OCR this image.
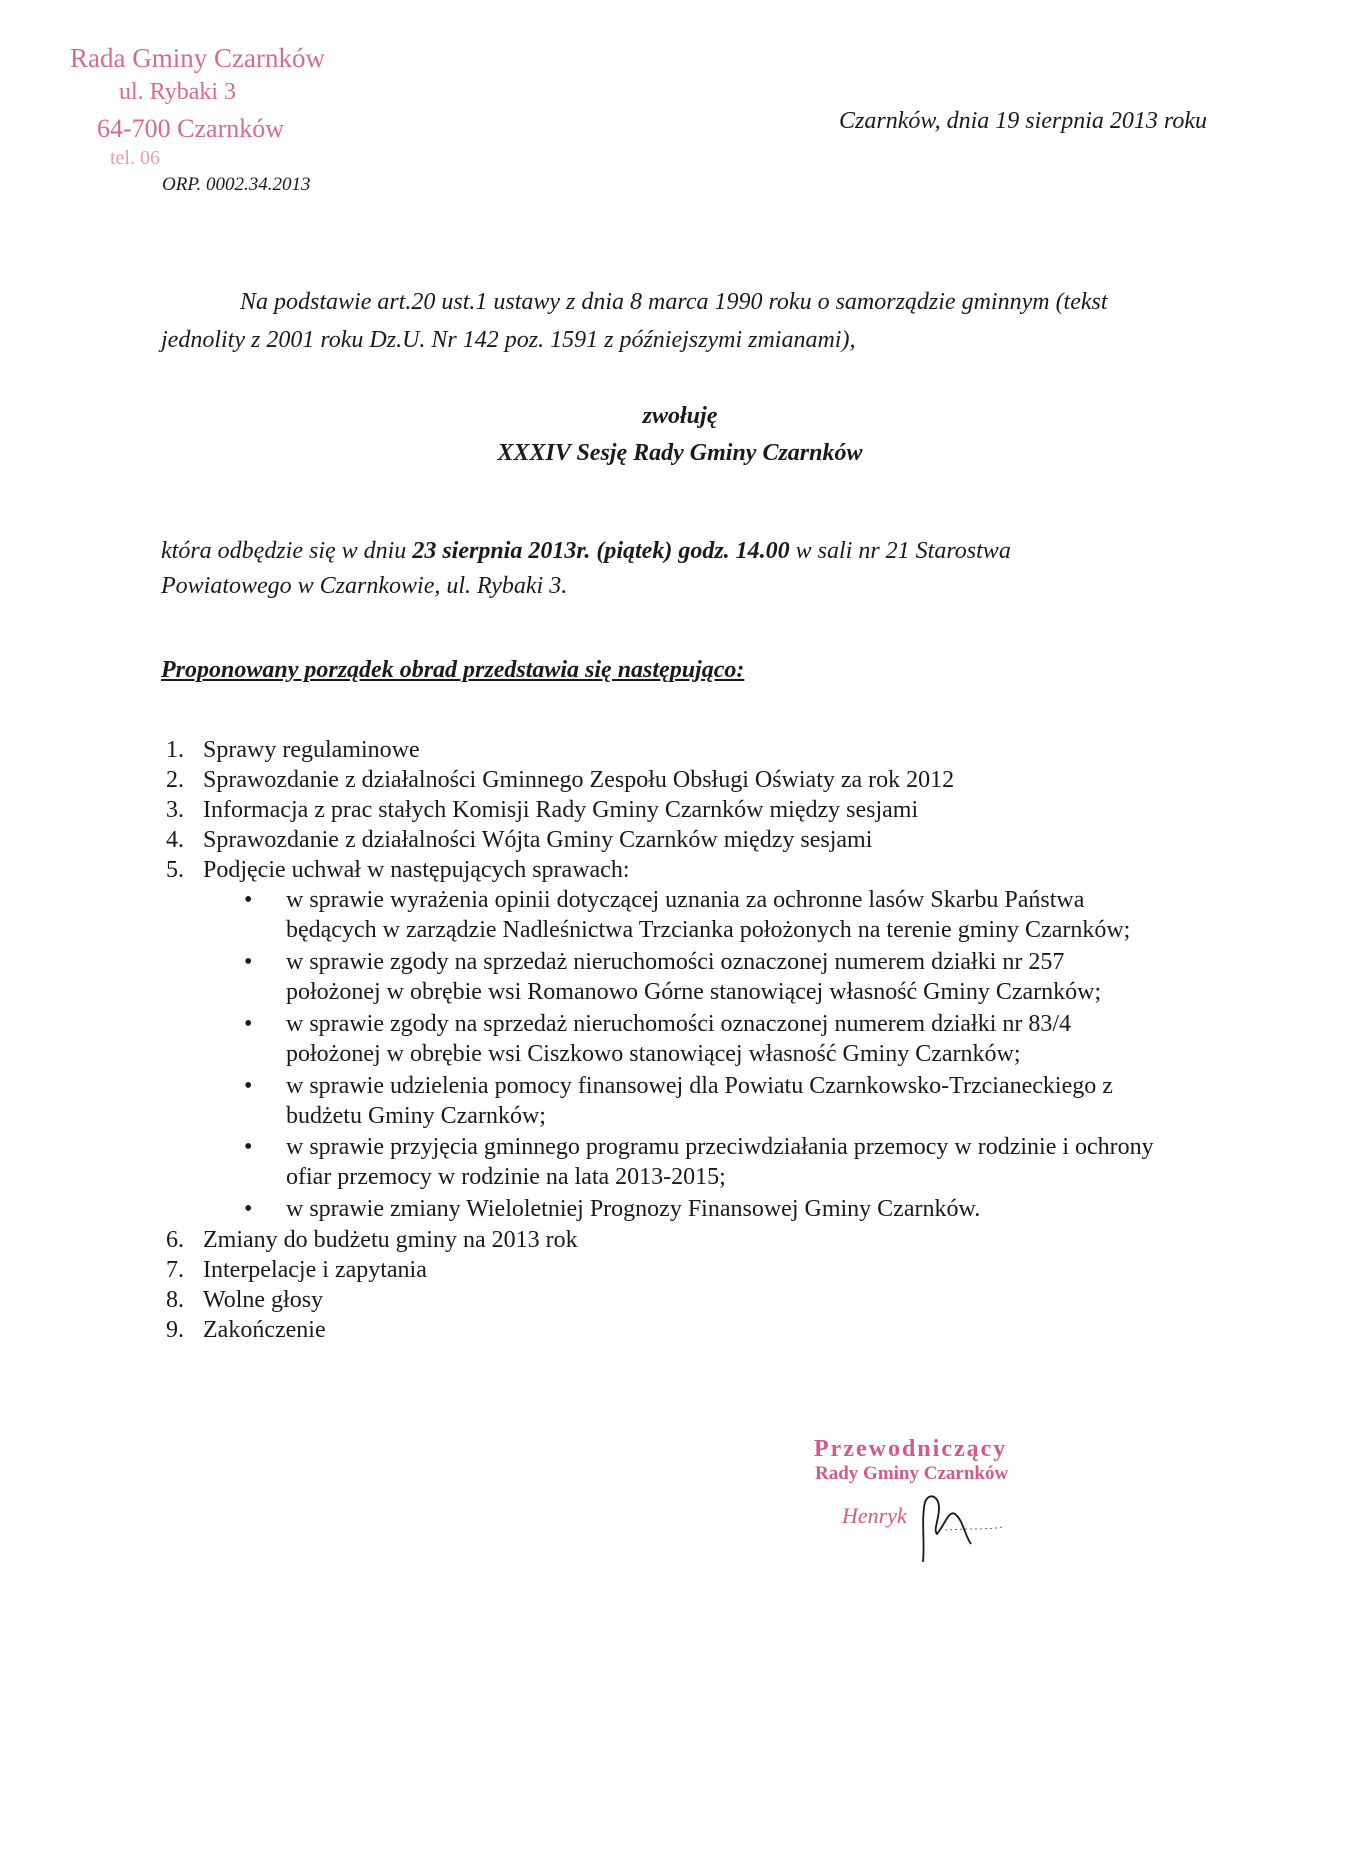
Rada Gminy Czarnków
ul. Rybaki 3
64-700 Czarnków
tel. 06

ORP. 0002.34.2013

Czarnków, dnia 19 sierpnia 2013 roku

Na podstawie art.20 ust.1 ustawy z dnia 8 marca 1990 roku o samorządzie gminnym (tekst
jednolity z 2001 roku Dz.U. Nr 142 poz. 1591 z późniejszymi zmianami),
zwołuję
XXXIV Sesję Rady Gminy Czarnków
która odbędzie się w dniu 23 sierpnia 2013r. (piątek) godz. 14.00 w sali nr 21 Starostwa
Powiatowego w Czarnkowie, ul. Rybaki 3.
Proponowany porządek obrad przedstawia się następująco:
1. Sprawy regulaminowe
2. Sprawozdanie z działalności Gminnego Zespołu Obsługi Oświaty za rok 2012
3. Informacja z prac stałych Komisji Rady Gminy Czarnków między sesjami
4. Sprawozdanie z działalności Wójta Gminy Czarnków między sesjami
5. Podjęcie uchwał w następujących sprawach:
• w sprawie wyrażenia opinii dotyczącej uznania za ochronne lasów Skarbu Państwa
będących w zarządzie Nadleśnictwa Trzcianka położonych na terenie gminy Czarnków;
• w sprawie zgody na sprzedaż nieruchomości oznaczonej numerem działki nr 257
położonej w obrębie wsi Romanowo Górne stanowiącej własność Gminy Czarnków;
• w sprawie zgody na sprzedaż nieruchomości oznaczonej numerem działki nr 83/4
położonej w obrębie wsi Ciszkowo stanowiącej własność Gminy Czarnków;
• w sprawie udzielenia pomocy finansowej dla Powiatu Czarnkowsko-Trzcianeckiego z
budżetu Gminy Czarnków;
• w sprawie przyjęcia gminnego programu przeciwdziałania przemocy w rodzinie i ochrony
ofiar przemocy w rodzinie na lata 2013-2015;
• w sprawie zmiany Wieloletniej Prognozy Finansowej Gminy Czarnków.
6. Zmiany do budżetu gminy na 2013 rok
7. Interpelacje i zapytania
8. Wolne głosy
9. Zakończenie
Przewodniczący
Rady Gminy Czarnków
Henryk
